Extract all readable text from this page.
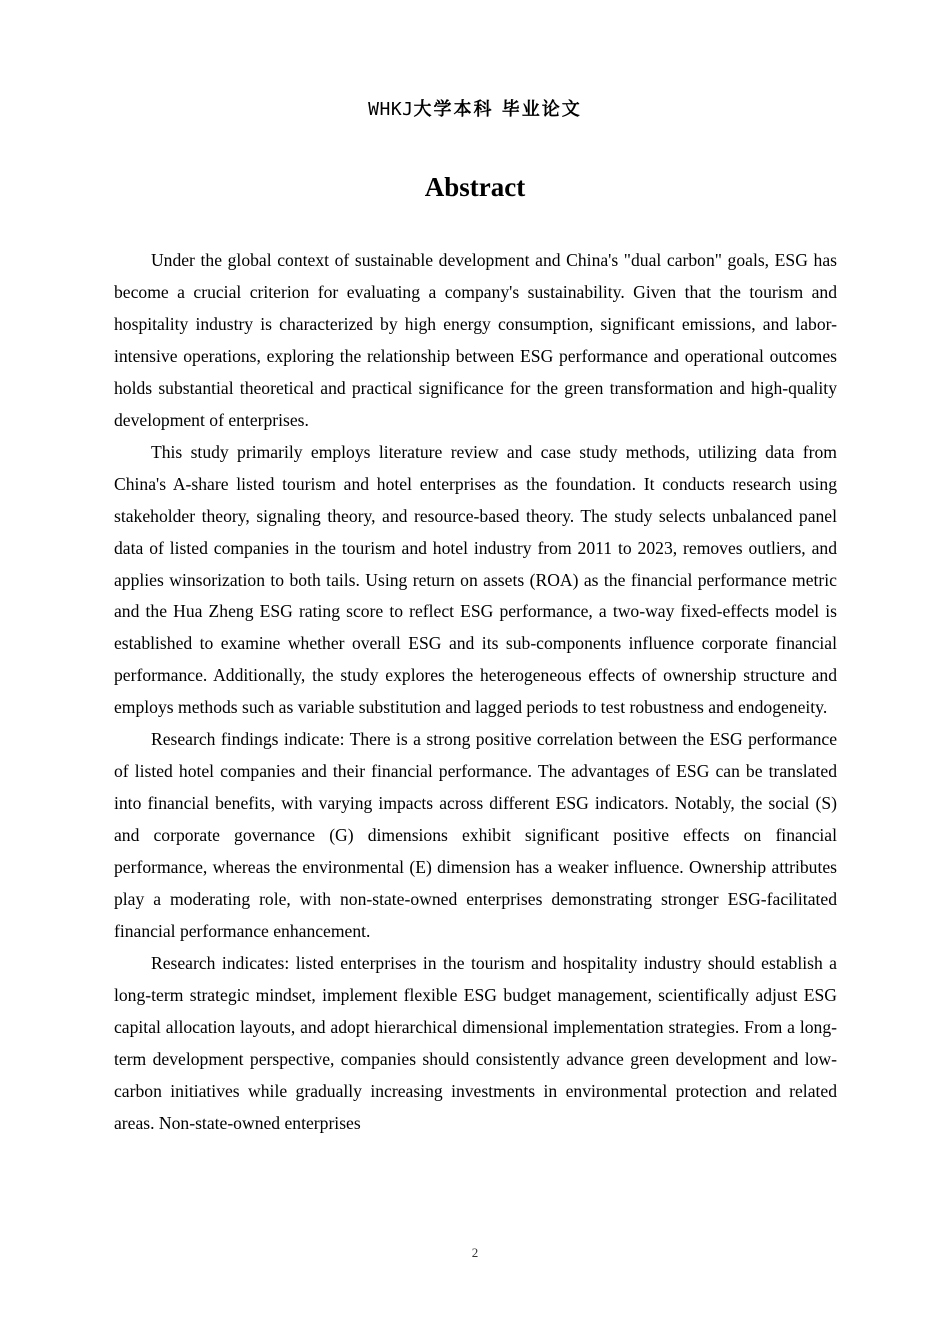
WHKJ大学本科 毕业论文
Abstract

Under the global context of sustainable development and China's "dual carbon" goals, ESG has become a crucial criterion for evaluating a company's sustainability. Given that the tourism and hospitality industry is characterized by high energy consumption, significant emissions, and labor-intensive operations, exploring the relationship between ESG performance and operational outcomes holds substantial theoretical and practical significance for the green transformation and high-quality development of enterprises.

This study primarily employs literature review and case study methods, utilizing data from China's A-share listed tourism and hotel enterprises as the foundation. It conducts research using stakeholder theory, signaling theory, and resource-based theory. The study selects unbalanced panel data of listed companies in the tourism and hotel industry from 2011 to 2023, removes outliers, and applies winsorization to both tails. Using return on assets (ROA) as the financial performance metric and the Hua Zheng ESG rating score to reflect ESG performance, a two-way fixed-effects model is established to examine whether overall ESG and its sub-components influence corporate financial performance. Additionally, the study explores the heterogeneous effects of ownership structure and employs methods such as variable substitution and lagged periods to test robustness and endogeneity.

Research findings indicate: There is a strong positive correlation between the ESG performance of listed hotel companies and their financial performance. The advantages of ESG can be translated into financial benefits, with varying impacts across different ESG indicators. Notably, the social (S) and corporate governance (G) dimensions exhibit significant positive effects on financial performance, whereas the environmental (E) dimension has a weaker influence. Ownership attributes play a moderating role, with non-state-owned enterprises demonstrating stronger ESG-facilitated financial performance enhancement.

Research indicates: listed enterprises in the tourism and hospitality industry should establish a long-term strategic mindset, implement flexible ESG budget management, scientifically adjust ESG capital allocation layouts, and adopt hierarchical dimensional implementation strategies. From a long-term development perspective, companies should consistently advance green development and low-carbon initiatives while gradually increasing investments in environmental protection and related areas. Non-state-owned enterprises

2
